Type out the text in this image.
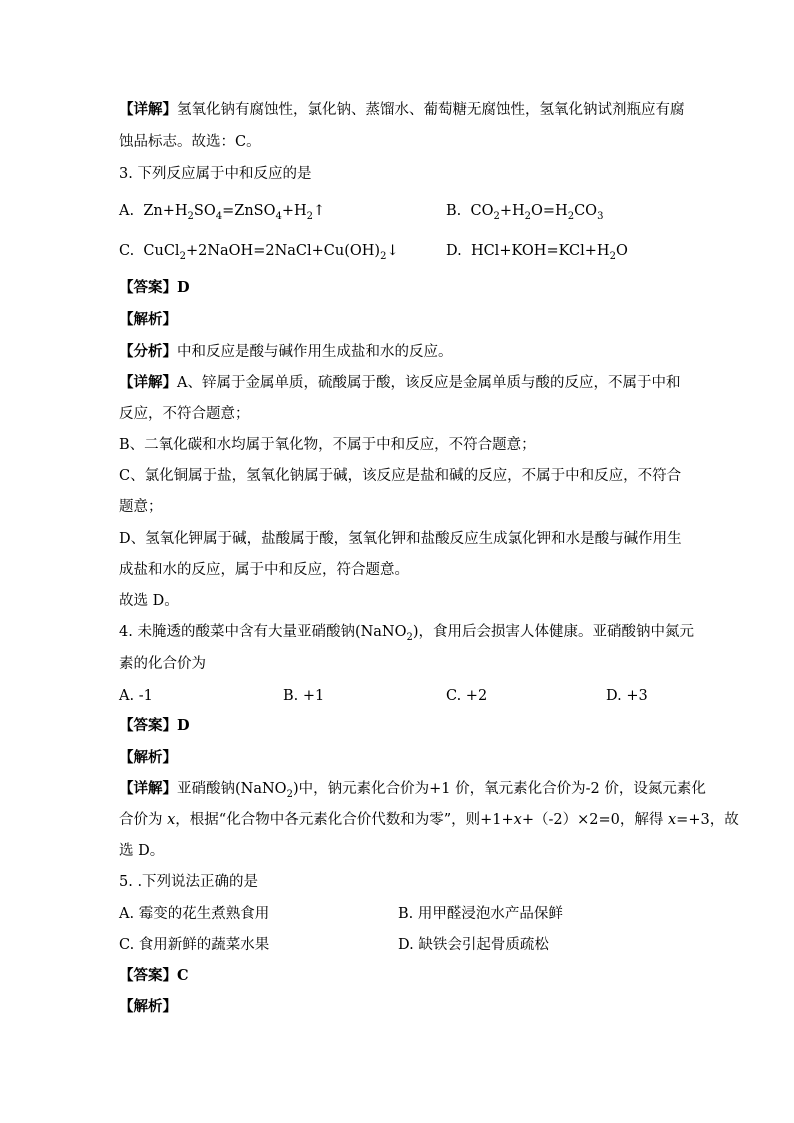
【详解】氢氧化钠有腐蚀性，氯化钠、蒸馏水、葡萄糖无腐蚀性，氢氧化钠试剂瓶应有腐
蚀品标志。故选：C。
3. 下列反应属于中和反应的是
A. $Zn+H_2SO_4=ZnSO_4+H_2↑$	B. $CO_2+H_2O=H_2CO_3$
C. $CuCl_2+2NaOH=2NaCl+Cu(OH)_2↓$	D. $HCl+KOH=KCl+H_2O$
【答案】D
【解析】
【分析】中和反应是酸与碱作用生成盐和水的反应。
【详解】A、锌属于金属单质，硫酸属于酸，该反应是金属单质与酸的反应，不属于中和
反应，不符合题意；
B、二氧化碳和水均属于氧化物，不属于中和反应，不符合题意；
C、氯化铜属于盐，氢氧化钠属于碱，该反应是盐和碱的反应，不属于中和反应，不符合
题意；
D、氢氧化钾属于碱，盐酸属于酸，氢氧化钾和盐酸反应生成氯化钾和水是酸与碱作用生
成盐和水的反应，属于中和反应，符合题意。
故选 D。
4. 未腌透的酸菜中含有大量亚硝酸钠(NaNO$_2$)，食用后会损害人体健康。亚硝酸钠中氮元
素的化合价为
A. -1	B. +1	C. +2	D. +3
【答案】D
【解析】
【详解】亚硝酸钠(NaNO$_2$)中，钠元素化合价为+1 价，氧元素化合价为-2 价，设氮元素化
合价为 x，根据“化合物中各元素化合价代数和为零”，则+1+x+（-2）×2=0，解得 x=+3，故
选 D。
5. .下列说法正确的是
A. 霉变的花生煮熟食用	B. 用甲醛浸泡水产品保鲜
C. 食用新鲜的蔬菜水果	D. 缺铁会引起骨质疏松
【答案】C
【解析】
